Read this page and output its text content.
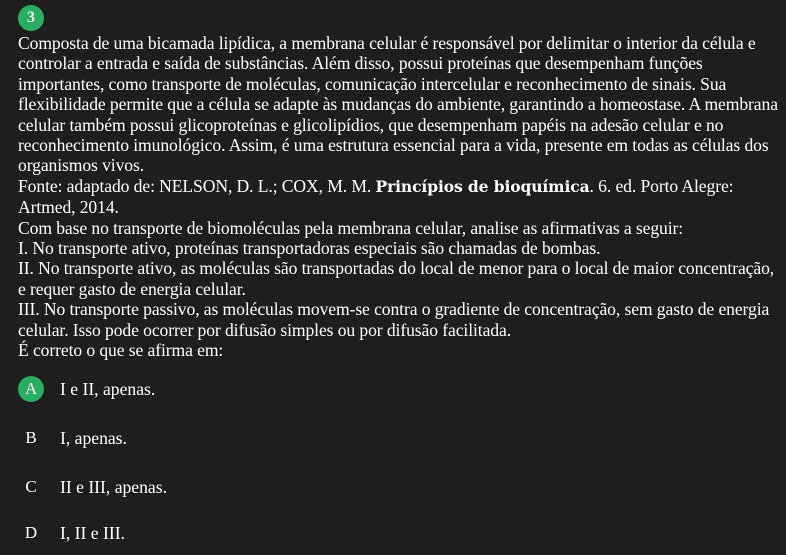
3

Composta de uma bicamada lipídica, a membrana celular é responsável por delimitar o interior da célula e controlar a entrada e saída de substâncias. Além disso, possui proteínas que desempenham funções importantes, como transporte de moléculas, comunicação intercelular e reconhecimento de sinais. Sua flexibilidade permite que a célula se adapte às mudanças do ambiente, garantindo a homeostase. A membrana celular também possui glicoproteínas e glicolipídios, que desempenham papéis na adesão celular e no reconhecimento imunológico. Assim, é uma estrutura essencial para a vida, presente em todas as células dos organismos vivos.

Fonte: adaptado de: NELSON, D. L.; COX, M. M. Princípios de bioquímica. 6. ed. Porto Alegre: Artmed, 2014.

Com base no transporte de biomoléculas pela membrana celular, analise as afirmativas a seguir:

I. No transporte ativo, proteínas transportadoras especiais são chamadas de bombas.

II. No transporte ativo, as moléculas são transportadas do local de menor para o local de maior concentração, e requer gasto de energia celular.

III. No transporte passivo, as moléculas movem-se contra o gradiente de concentração, sem gasto de energia celular. Isso pode ocorrer por difusão simples ou por difusão facilitada.

É correto o que se afirma em:

A	I e II, apenas.
B	I, apenas.
C	II e III, apenas.
D	I, II e III.
